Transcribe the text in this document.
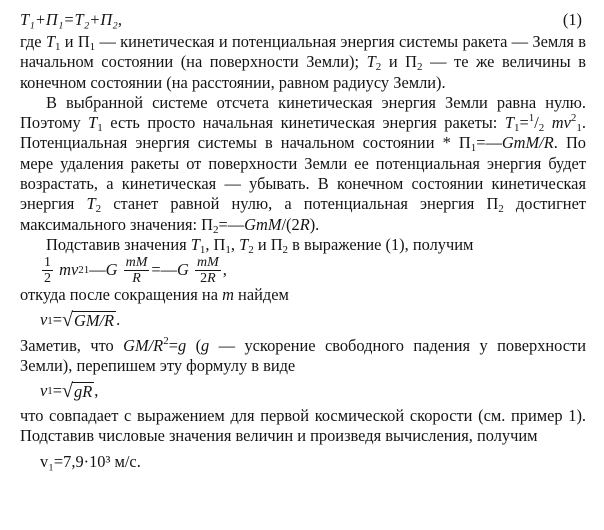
T₁+П₁=T₂+П₂,	(1)

где $T_1$ и $П_1$ — кинетическая и потенциальная энергия системы ракета — Земля в начальном состоянии (на поверхности Земли); $T_2$ и $П_2$ — те же величины в конечном состоянии (на расстоянии, равном радиусу Земли).

В выбранной системе отсчета кинетическая энергия Земли равна нулю. Поэтому $T_1$ есть просто начальная кинетическая энергия ракеты: $T_1=^1/_2$ $mv^2_1$. Потенциальная энергия системы в начальном состоянии * $П_1=—GmM/R$. По мере удаления ракеты от поверхности Земли ее потенциальная энергия будет возрастать, а кинетическая — убывать. В конечном состоянии кинетическая энергия $T_2$ станет равной нулю, а потенциальная энергия $П_2$ достигнет максимального значения: $П_2=—GmM/(2R)$.

Подставив значения $T_1$, $П_1$, $T_2$ и $П_2$ в выражение (1), получим

$\frac{1}{2}$
mv 2 1 — G
$\frac{mM}{R}$ =— G
$\frac{mM}{2R}$ ,

откуда после сокращения на m найдем

v 1 = √ GM/R .

Заметив, что $GM/R^2=g$ (g — ускорение свободного падения у поверхности Земли), перепишем эту формулу в виде

v 1 = √ gR ,

что совпадает с выражением для первой космической скорости (см. пример 1). Подставив числовые значения величин и произведя вычисления, получим

v₁=7,9·10³ м/с.
